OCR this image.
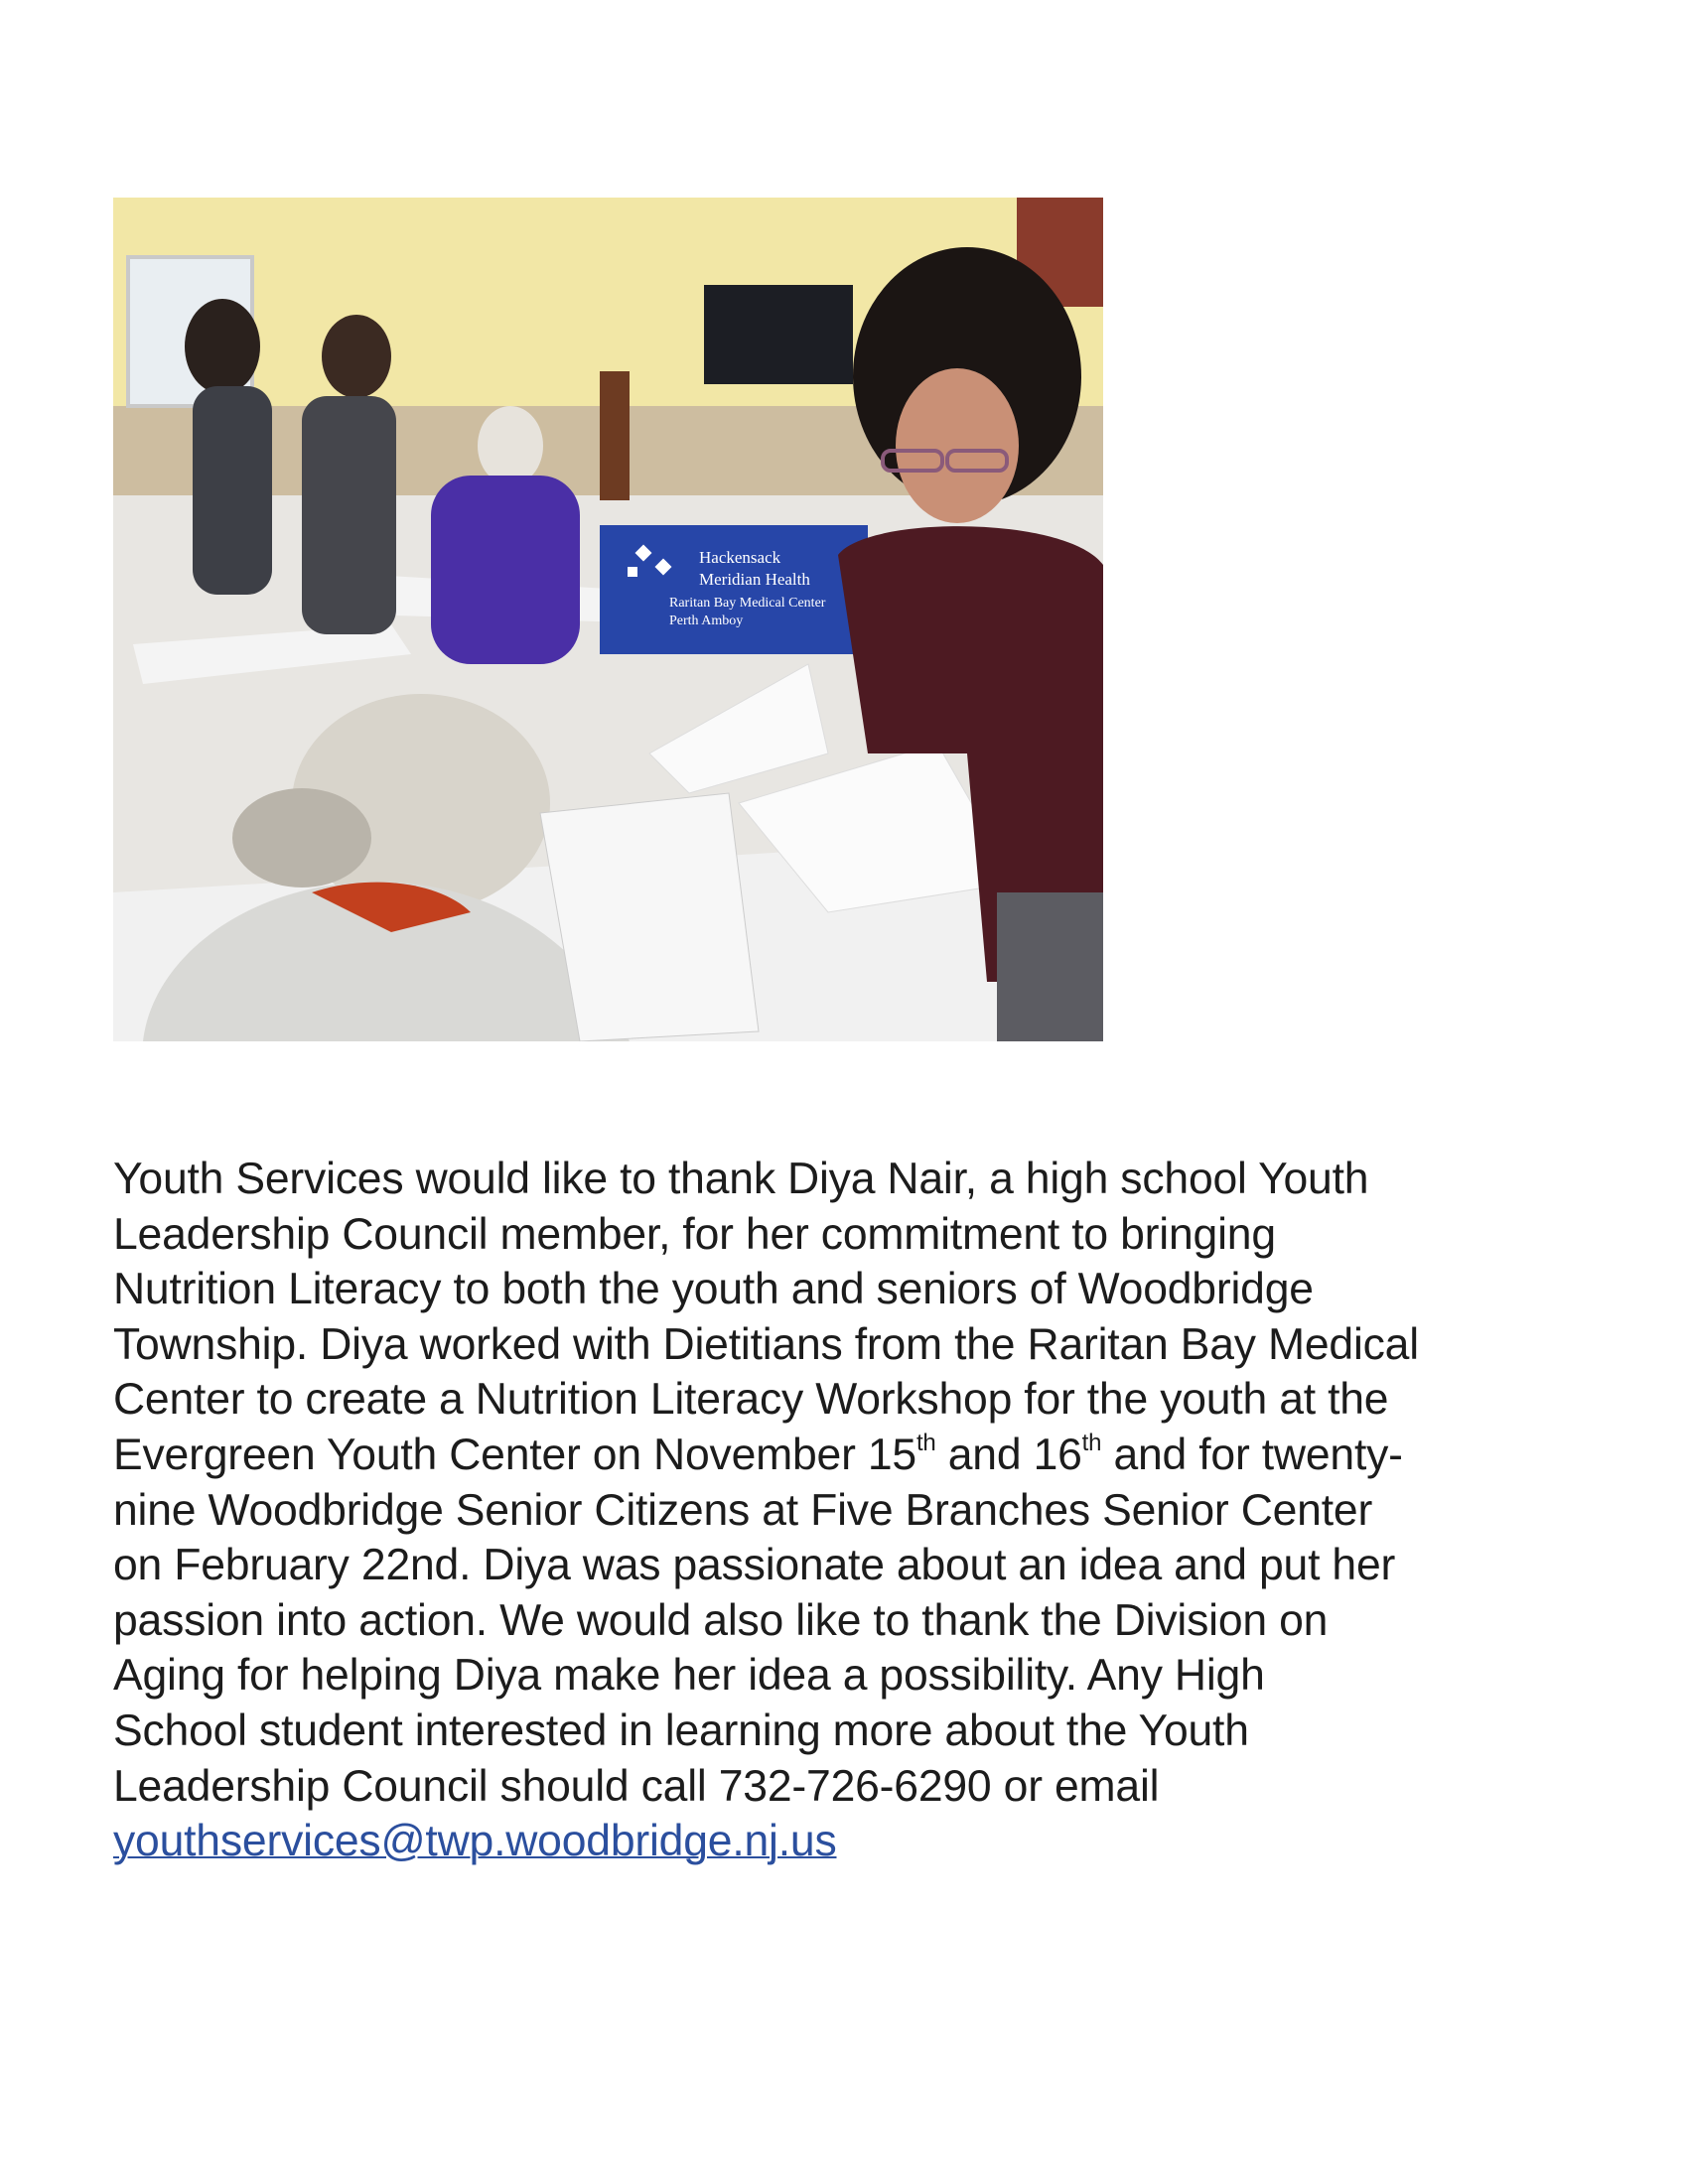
Hackensack
Meridian Health
Raritan Bay Medical Center
Perth Amboy
Youth Services would like to thank Diya Nair, a high school Youth
Leadership Council member, for her commitment to bringing
Nutrition Literacy to both the youth and seniors of Woodbridge
Township. Diya worked with Dietitians from the Raritan Bay Medical
Center to create a Nutrition Literacy Workshop for the youth at the
Evergreen Youth Center on November 15th and 16th and for twenty-
nine Woodbridge Senior Citizens at Five Branches Senior Center
on February 22nd. Diya was passionate about an idea and put her
passion into action. We would also like to thank the Division on
Aging for helping Diya make her idea a possibility. Any High
School student interested in learning more about the Youth
Leadership Council should call 732-726-6290 or email
youthservices@twp.woodbridge.nj.us
